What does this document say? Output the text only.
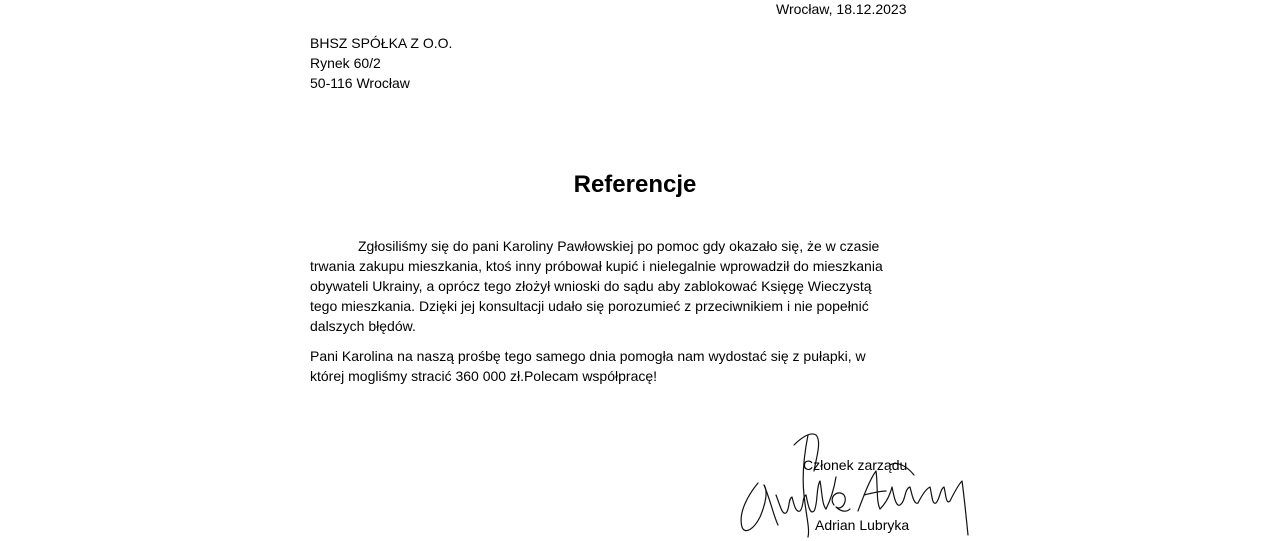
Wrocław, 18.12.2023
BHSZ SPÓŁKA Z O.O.
Rynek 60/2
50-116 Wrocław
Referencje
Zgłosiliśmy się do pani Karoliny Pawłowskiej po pomoc gdy okazało się, że w czasie
trwania zakupu mieszkania, ktoś inny próbował kupić i nielegalnie wprowadził do mieszkania
obywateli Ukrainy, a oprócz tego złożył wnioski do sądu aby zablokować Księgę Wieczystą
tego mieszkania. Dzięki jej konsultacji udało się porozumieć z przeciwnikiem i nie popełnić
dalszych błędów.
Pani Karolina na naszą prośbę tego samego dnia pomogła nam wydostać się z pułapki, w
której mogliśmy stracić 360 000 zł.Polecam współpracę!
Członek zarządu
Adrian Lubryka
